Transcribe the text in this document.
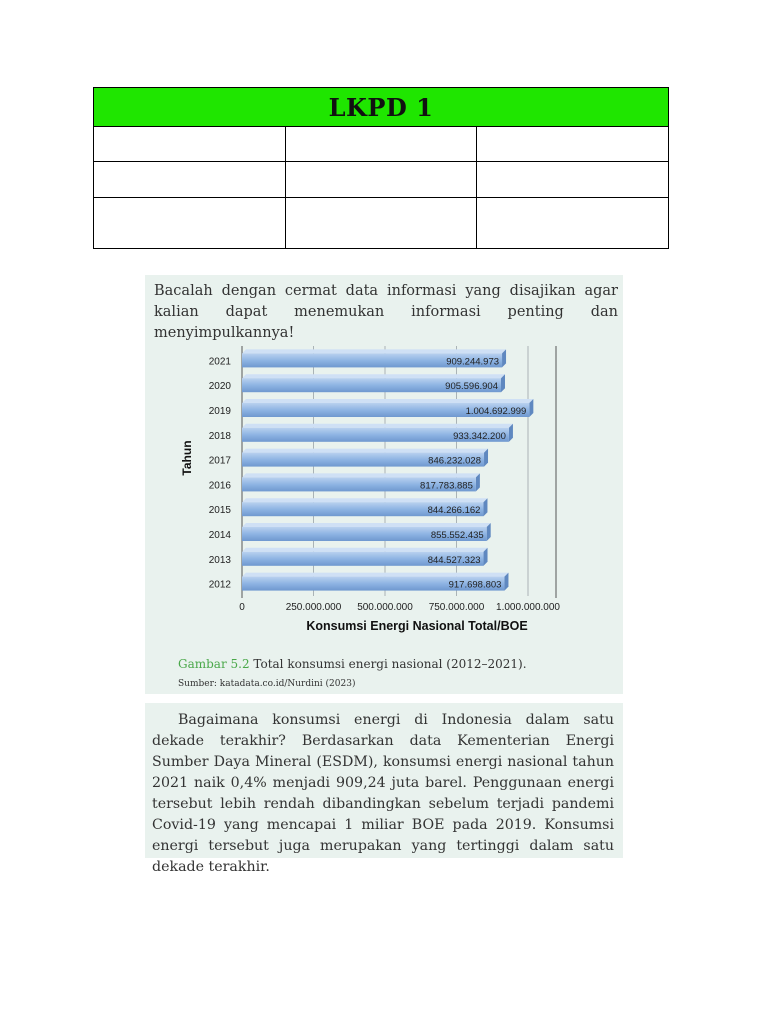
LKPD 1		

Bacalah dengan cermat data informasi yang disajikan agar kalian dapat menemukan informasi penting dan menyimpulkannya!
2021	909.244.973
2020	905.596.904
2019	1.004.692.999
2018	933.342.200
2017	846.232.028
2016	817.783.885
2015	844.266.162
2014	855.552.435
2013	844.527.323
2012	917.698.803
0	250.000.000 500.000.000 750.000.000 1.000.000.000
Konsumsi Energi Nasional Total/BOE
Tahun
Gambar 5.2 Total konsumsi energi nasional (2012–2021).
Sumber: katadata.co.id/Nurdini (2023)
Bagaimana konsumsi energi di Indonesia dalam satu dekade terakhir? Berdasarkan data Kementerian Energi Sumber Daya Mineral (ESDM), konsumsi energi nasional tahun 2021 naik 0,4% menjadi 909,24 juta barel. Penggunaan energi tersebut lebih rendah dibandingkan sebelum terjadi pandemi Covid-19 yang mencapai 1 miliar BOE pada 2019. Konsumsi energi tersebut juga merupakan yang tertinggi dalam satu dekade terakhir.
